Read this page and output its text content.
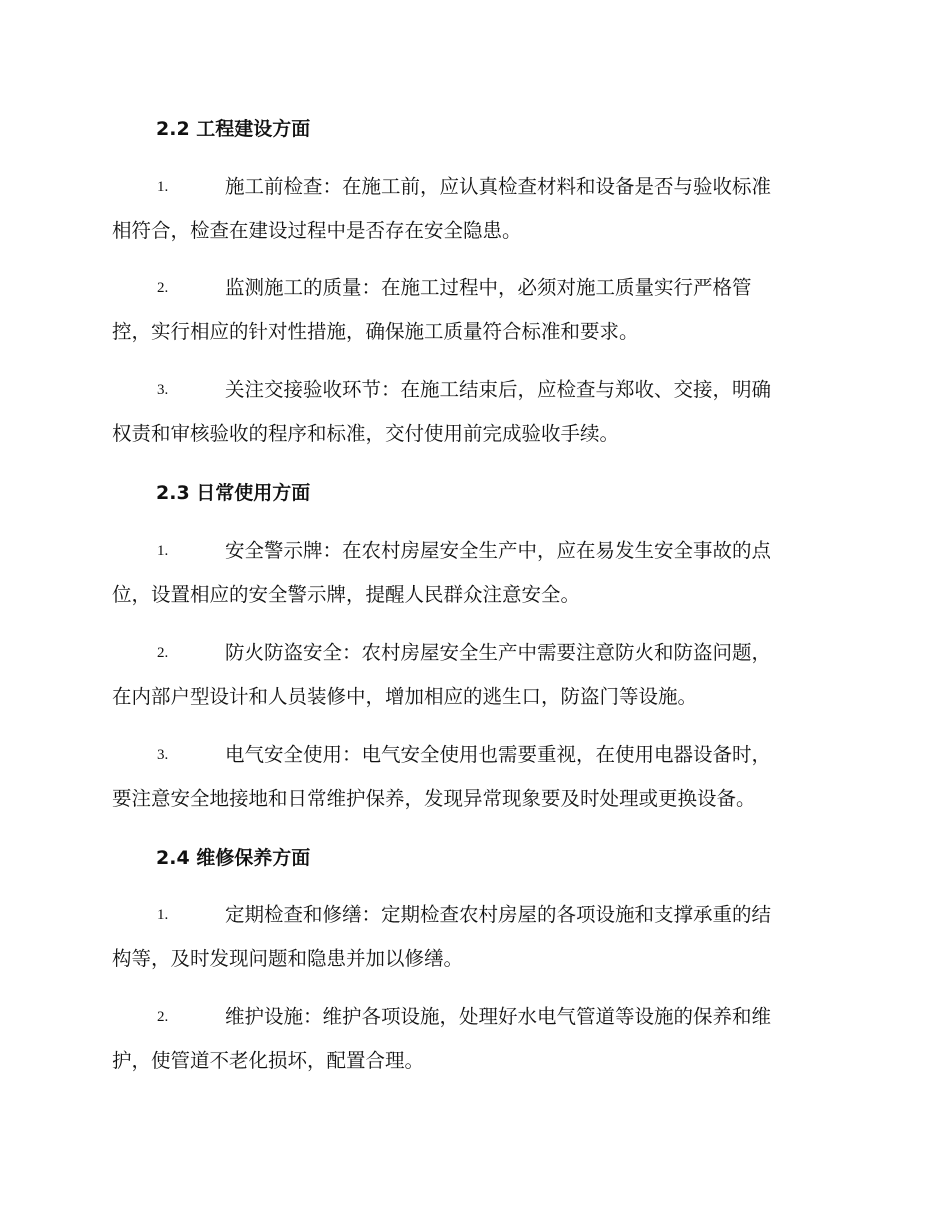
2.2 工程建设方面
1.	施工前检查：在施工前，应认真检查材料和设备是否与验收标准
相符合，检查在建设过程中是否存在安全隐患。
2.	监测施工的质量：在施工过程中，必须对施工质量实行严格管
控，实行相应的针对性措施，确保施工质量符合标准和要求。
3.	关注交接验收环节：在施工结束后，应检查与郑收、交接，明确
权责和审核验收的程序和标准，交付使用前完成验收手续。
2.3 日常使用方面
1.	安全警示牌：在农村房屋安全生产中，应在易发生安全事故的点
位，设置相应的安全警示牌，提醒人民群众注意安全。
2.	防火防盗安全：农村房屋安全生产中需要注意防火和防盗问题，
在内部户型设计和人员装修中，增加相应的逃生口，防盗门等设施。
3.	电气安全使用：电气安全使用也需要重视，在使用电器设备时，
要注意安全地接地和日常维护保养，发现异常现象要及时处理或更换设备。
2.4 维修保养方面
1.	定期检查和修缮：定期检查农村房屋的各项设施和支撑承重的结
构等，及时发现问题和隐患并加以修缮。
2.	维护设施：维护各项设施，处理好水电气管道等设施的保养和维
护，使管道不老化损坏，配置合理。
